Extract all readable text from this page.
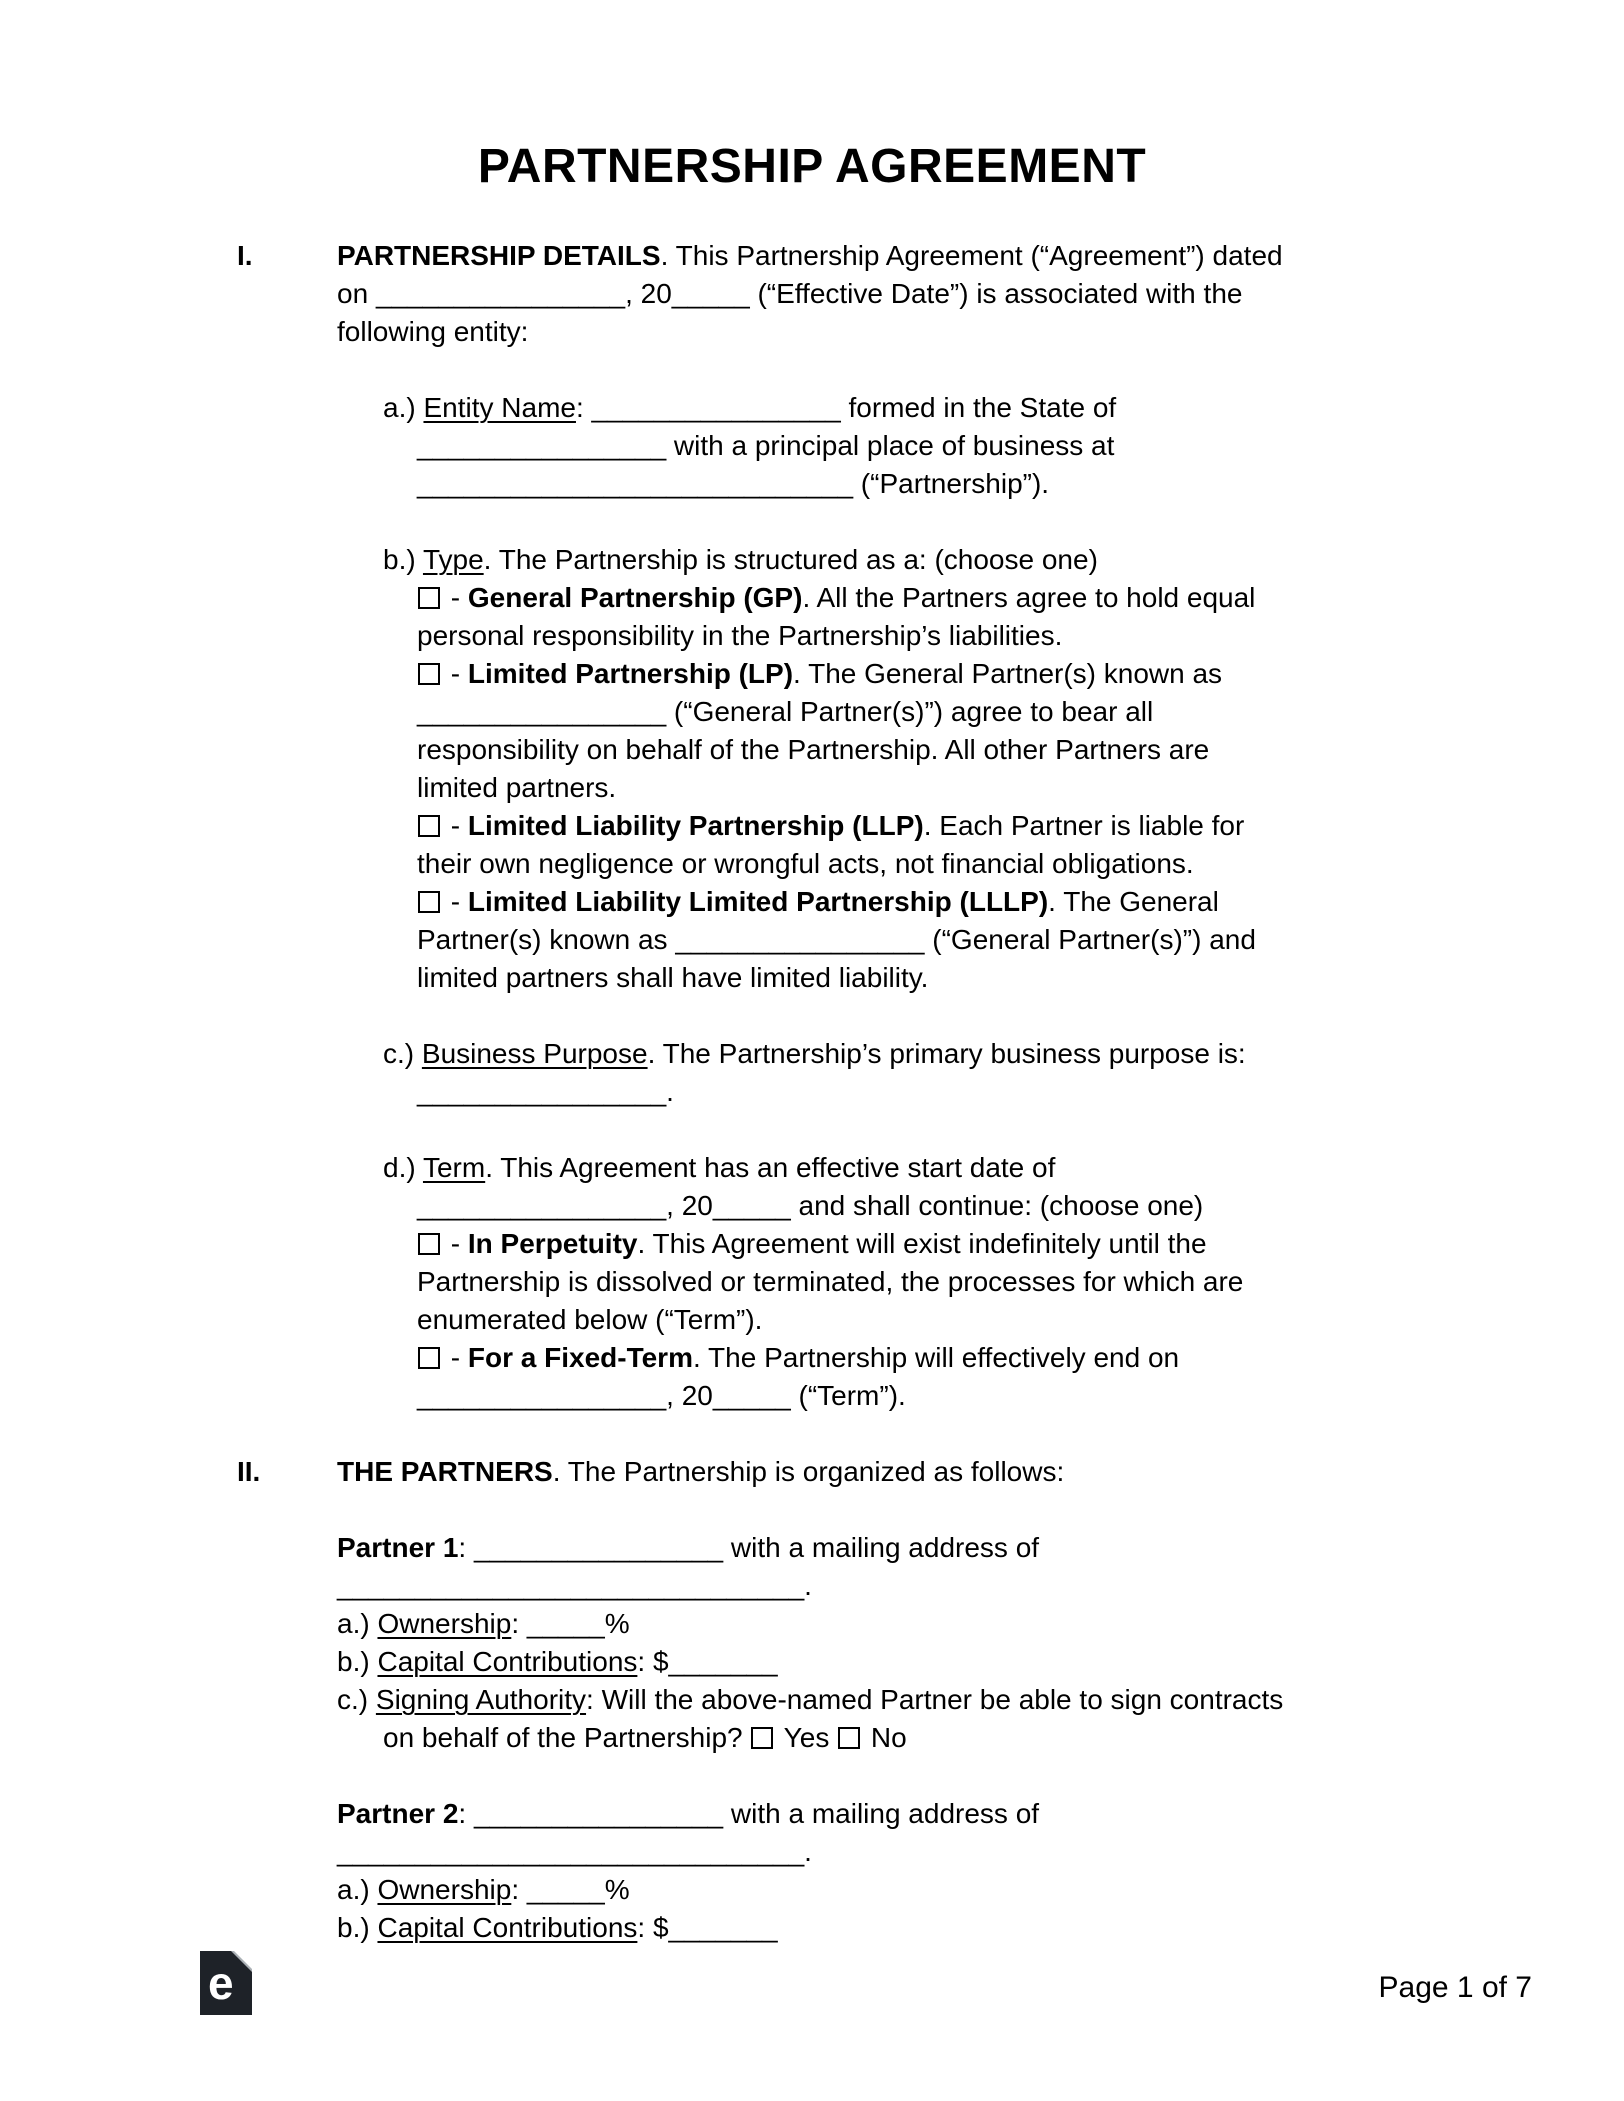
PARTNERSHIP AGREEMENT
I.	PARTNERSHIP DETAILS. This Partnership Agreement (“Agreement”) dated
on ________________, 20_____ (“Effective Date”) is associated with the
following entity:
a.) Entity Name: ________________ formed in the State of
________________ with a principal place of business at
____________________________ (“Partnership”).
b.) Type. The Partnership is structured as a: (choose one)
- General Partnership (GP). All the Partners agree to hold equal
personal responsibility in the Partnership’s liabilities.
- Limited Partnership (LP). The General Partner(s) known as
________________ (“General Partner(s)”) agree to bear all
responsibility on behalf of the Partnership. All other Partners are
limited partners.
- Limited Liability Partnership (LLP). Each Partner is liable for
their own negligence or wrongful acts, not financial obligations.
- Limited Liability Limited Partnership (LLLP). The General
Partner(s) known as ________________ (“General Partner(s)”) and
limited partners shall have limited liability.
c.) Business Purpose. The Partnership’s primary business purpose is:
________________.
d.) Term. This Agreement has an effective start date of
________________, 20_____ and shall continue: (choose one)
- In Perpetuity. This Agreement will exist indefinitely until the
Partnership is dissolved or terminated, the processes for which are
enumerated below (“Term”).
- For a Fixed-Term. The Partnership will effectively end on
________________, 20_____ (“Term”).
II.	THE PARTNERS. The Partnership is organized as follows:
Partner 1: ________________ with a mailing address of
______________________________.
a.) Ownership: _____%
b.) Capital Contributions: $_______
c.) Signing Authority: Will the above-named Partner be able to sign contracts
on behalf of the Partnership?  Yes  No
Partner 2: ________________ with a mailing address of
______________________________.
a.) Ownership: _____%
b.) Capital Contributions: $_______
e	Page 1 of 7
